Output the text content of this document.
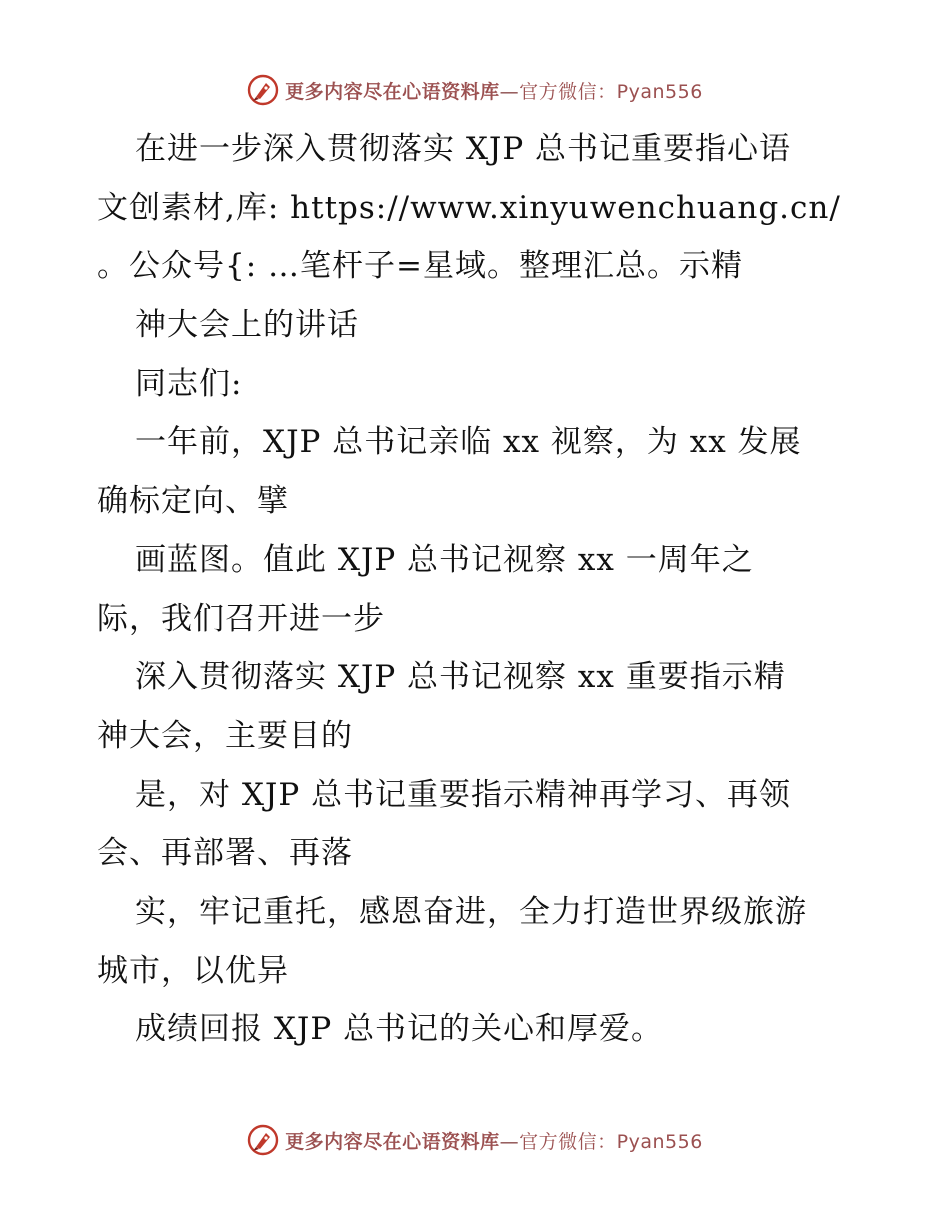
更多内容尽在心语资料库—官方微信：Pyan556
在进一步深入贯彻落实 XJP 总书记重要指心语
文创素材,库: https://www.xinyuwenchuang.cn/
。公众号{: …笔杆子=星域。整理汇总。示精
神大会上的讲话
同志们:
一年前，XJP 总书记亲临 xx 视察，为 xx 发展
确标定向、擘
画蓝图。值此 XJP 总书记视察 xx 一周年之
际，我们召开进一步
深入贯彻落实 XJP 总书记视察 xx 重要指示精
神大会，主要目的
是，对 XJP 总书记重要指示精神再学习、再领
会、再部署、再落
实，牢记重托，感恩奋进，全力打造世界级旅游
城市，以优异
成绩回报 XJP 总书记的关心和厚爱。
更多内容尽在心语资料库—官方微信：Pyan556
